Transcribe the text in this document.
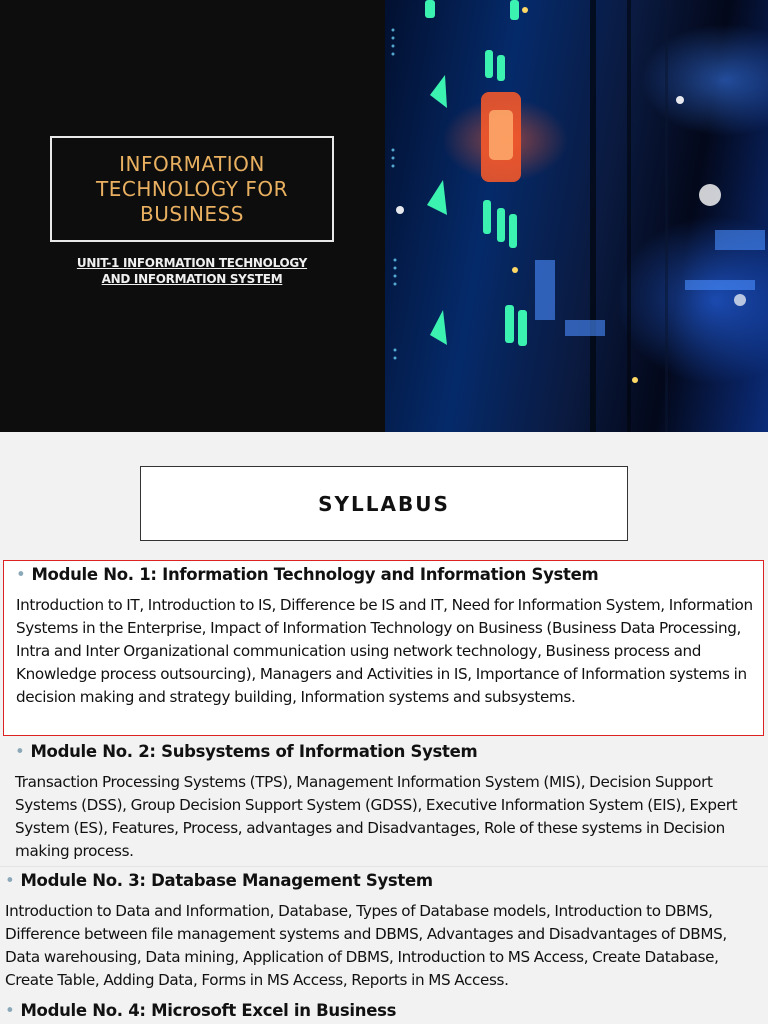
INFORMATION TECHNOLOGY FOR BUSINESS
UNIT-1 INFORMATION TECHNOLOGY
AND INFORMATION SYSTEM
SYLLABUS
• Module No. 1: Information Technology and Information System
Introduction to IT, Introduction to IS, Difference be IS and IT, Need for Information System, Information Systems in the Enterprise, Impact of Information Technology on Business (Business Data Processing, Intra and Inter Organizational communication using network technology, Business process and Knowledge process outsourcing), Managers and Activities in IS, Importance of Information systems in decision making and strategy building, Information systems and subsystems.
• Module No. 2: Subsystems of Information System
Transaction Processing Systems (TPS), Management Information System (MIS), Decision Support Systems (DSS), Group Decision Support System (GDSS), Executive Information System (EIS), Expert System (ES), Features, Process, advantages and Disadvantages, Role of these systems in Decision making process.
• Module No. 3: Database Management System
Introduction to Data and Information, Database, Types of Database models, Introduction to DBMS, Difference between file management systems and DBMS, Advantages and Disadvantages of DBMS, Data warehousing, Data mining, Application of DBMS, Introduction to MS Access, Create Database, Create Table, Adding Data, Forms in MS Access, Reports in MS Access.
• Module No. 4: Microsoft Excel in Business
